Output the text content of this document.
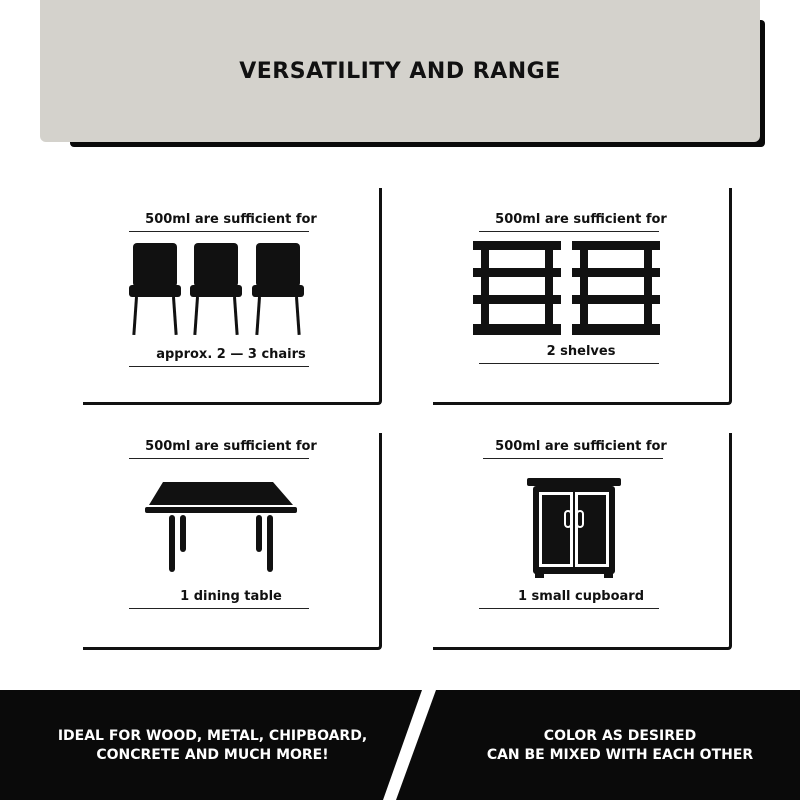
VERSATILITY AND RANGE
500ml are sufficient for
approx. 2 — 3 chairs
500ml are sufficient for
2 shelves
500ml are sufficient for
1 dining table
500ml are sufficient for
1 small cupboard
IDEAL FOR WOOD, METAL, CHIPBOARD,
CONCRETE AND MUCH MORE!
COLOR AS DESIRED
CAN BE MIXED WITH EACH OTHER
